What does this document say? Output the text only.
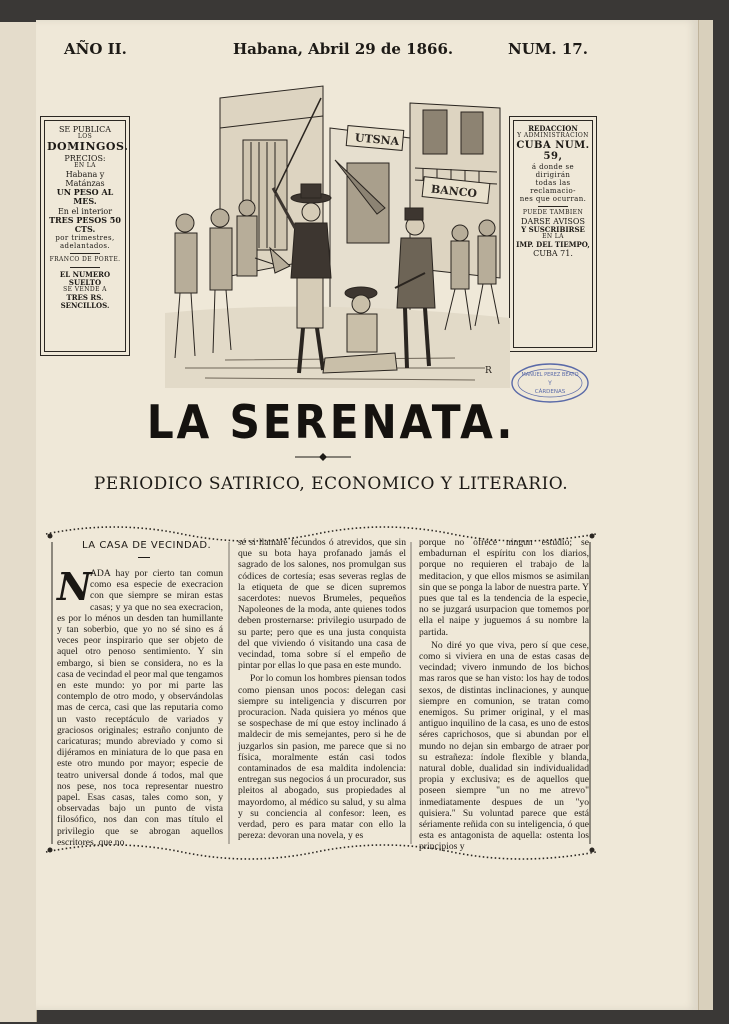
AÑO II.	Habana, Abril 29 de 1866.	NUM. 17.
SE PUBLICA
LOS
DOMINGOS.
PRECIOS:
EN LA
Habana y Matánzas
UN PESO AL MES.
En el interior
TRES PESOS 50 CTS.
por trimestres, adelantados.
FRANCO DE PORTE.
EL NUMERO SUELTO
SE VENDE A
TRES RS. SENCILLOS.
REDACCION
Y ADMINISTRACION
CUBA NUM. 59,
á donde se dirigirán
todas las reclamacio-
nes que ocurran.
PUEDE TAMBIEN
DARSE AVISOS
Y SUSCRIBIRSE
EN LA
IMP. DEL TIEMPO,
CUBA 71.
UTSNA
BANCO
R	MANUEL PEREZ BEATO
Y
CÁRDENAS
LA SERENATA.
PERIODICO SATIRICO, ECONOMICO Y LITERARIO.
LA CASA DE VECINDAD.

N
ADA hay por cierto tan comun como esa especie de execracion con que siempre se miran estas casas; y ya que no sea execracion, es por lo ménos un desden tan humillante y tan soberbio, que yo no sé sino es á veces peor inspirario que ser objeto de aquel otro penoso sentimiento. Y sin embargo, si bien se considera, no es la casa de vecindad el peor mal que tengamos en este mundo: yo por mi parte las contemplo de otro modo, y observándolas mas de cerca, casi que las reputaria como un vasto receptáculo de variados y graciosos originales; estraño conjunto de caricaturas; mundo abreviado y como si dijéramos en miniatura de lo que pasa en este otro mundo por mayor; especie de teatro universal donde á todos, mal que nos pese, nos toca representar nuestro papel. Esas casas, tales como son, y observadas bajo un punto de vista filosófico, nos dan con mas título el privilegio que se abrogan aquellos escritores, que no

sé si llamaré fecundos ó atrevidos, que sin que su bota haya profanado jamás el sagrado de los salones, nos promulgan sus códices de cortesía; esas severas reglas de la etiqueta de que se dicen supremos sacerdotes: nuevos Brumeles, pequeños Napoleones de la moda, ante quienes todos deben prosternarse: privilegio usurpado de su parte; pero que es una justa conquista del que viviendo ó visitando una casa de vecindad, toma sobre sí el empeño de pintar por ellas lo que pasa en este mundo.

Por lo comun los hombres piensan todos como piensan unos pocos: delegan casi siempre su inteligencia y discurren por procuracion. Nada quisiera yo ménos que se sospechase de mí que estoy inclinado á maldecir de mis semejantes, pero si he de juzgarlos sin pasion, me parece que si no física, moralmente están casi todos contaminados de esa maldita indolencia: entregan sus negocios á un procurador, sus pleitos al abogado, sus propiedades al mayordomo, al médico su salud, y su alma y su conciencia al confesor: leen, es verdad, pero es para matar con ello la pereza: devoran una novela, y es

porque no ofrece ningun estudio; se embadurnan el espíritu con los diarios, porque no requieren el trabajo de la meditacion, y que ellos mismos se asimilan sin que se ponga la labor de nuestra parte. Y pues que tal es la tendencia de la especie, no se juzgará usurpacion que tomemos por ella el naipe y juguemos á su nombre la partida.

No diré yo que viva, pero sí que cese, como si viviera en una de estas casas de vecindad; vivero inmundo de los bichos mas raros que se han visto: los hay de todos sexos, de distintas inclinaciones, y aunque siempre en comunion, se tratan como enemigos. Su primer original, y el mas antiguo inquilino de la casa, es uno de estos séres caprichosos, que si abundan por el mundo no dejan sin embargo de atraer por su estrañeza: índole flexible y blanda, natural doble, dualidad sin individualidad propia y exclusiva; es de aquellos que poseen siempre "un no me atrevo" inmediatamente despues de un "yo quisiera." Su voluntad parece que está sériamente reñida con su inteligencia, ó que esta es antagonista de aquella: ostenta los principios y
